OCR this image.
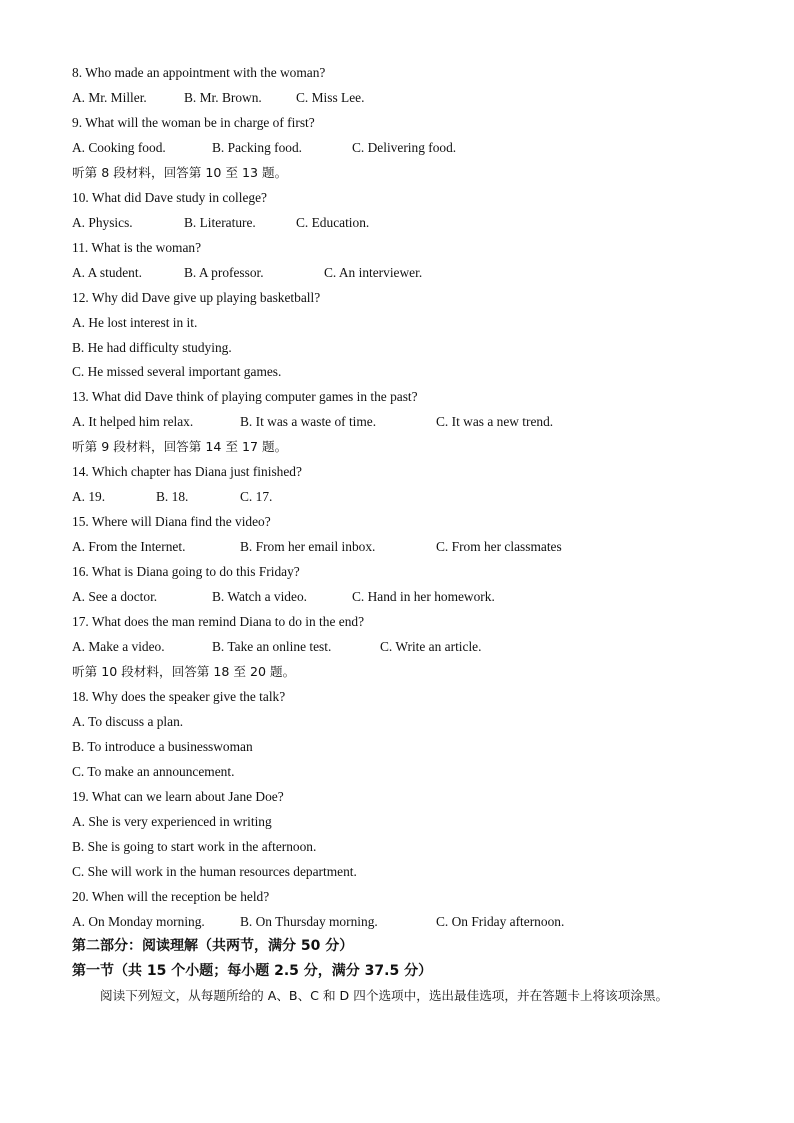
8. Who made an appointment with the woman?
A. Mr. Miller.	B. Mr. Brown.	C. Miss Lee.
9. What will the woman be in charge of first?
A. Cooking food.	B. Packing food.	C. Delivering food.
听第 8 段材料，回答第 10 至 13 题。
10. What did Dave study in college?
A. Physics.	B. Literature.	C. Education.
11. What is the woman?
A. A student.	B. A professor.	C. An interviewer.
12. Why did Dave give up playing basketball?
A. He lost interest in it.
B. He had difficulty studying.
C. He missed several important games.
13. What did Dave think of playing computer games in the past?
A. It helped him relax.	B. It was a waste of time.	C. It was a new trend.
听第 9 段材料，回答第 14 至 17 题。
14. Which chapter has Diana just finished?
A. 19.	B. 18.	C. 17.
15. Where will Diana find the video?
A. From the Internet.	B. From her email inbox.	C. From her classmates
16. What is Diana going to do this Friday?
A. See a doctor.	B. Watch a video.	C. Hand in her homework.
17. What does the man remind Diana to do in the end?
A. Make a video.	B. Take an online test.	C. Write an article.
听第 10 段材料，回答第 18 至 20 题。
18. Why does the speaker give the talk?
A. To discuss a plan.
B. To introduce a businesswoman
C. To make an announcement.
19. What can we learn about Jane Doe?
A. She is very experienced in writing
B. She is going to start work in the afternoon.
C. She will work in the human resources department.
20. When will the reception be held?
A. On Monday morning.	B. On Thursday morning.	C. On Friday afternoon.
第二部分：阅读理解（共两节，满分 50 分）
第一节（共 15 个小题；每小题 2.5 分，满分 37.5 分）
阅读下列短文，从每题所给的 A、B、C 和 D 四个选项中，选出最佳选项，并在答题卡上将该项涂黑。
